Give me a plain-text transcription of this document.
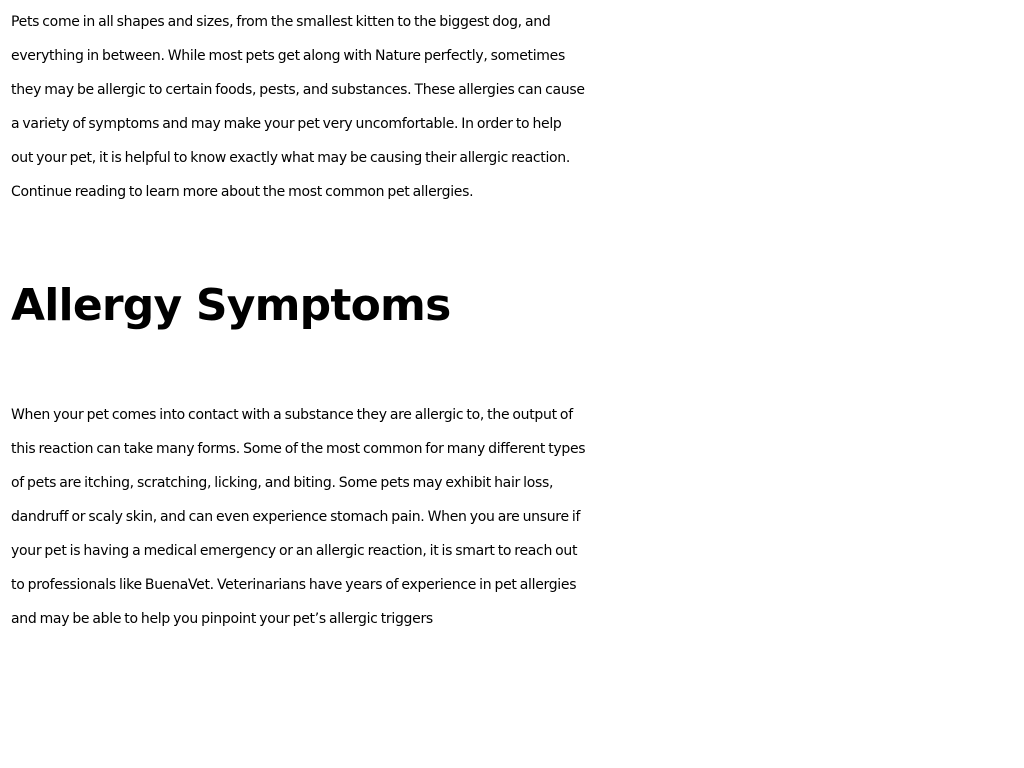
Pets come in all shapes and sizes, from the smallest kitten to the biggest dog, and
everything in between. While most pets get along with Nature perfectly, sometimes
they may be allergic to certain foods, pests, and substances. These allergies can cause
a variety of symptoms and may make your pet very uncomfortable. In order to help
out your pet, it is helpful to know exactly what may be causing their allergic reaction.
Continue reading to learn more about the most common pet allergies.

Allergy Symptoms

When your pet comes into contact with a substance they are allergic to, the output of
this reaction can take many forms. Some of the most common for many different types
of pets are itching, scratching, licking, and biting. Some pets may exhibit hair loss,
dandruff or scaly skin, and can even experience stomach pain. When you are unsure if
your pet is having a medical emergency or an allergic reaction, it is smart to reach out
to professionals like BuenaVet. Veterinarians have years of experience in pet allergies
and may be able to help you pinpoint your pet’s allergic triggers
